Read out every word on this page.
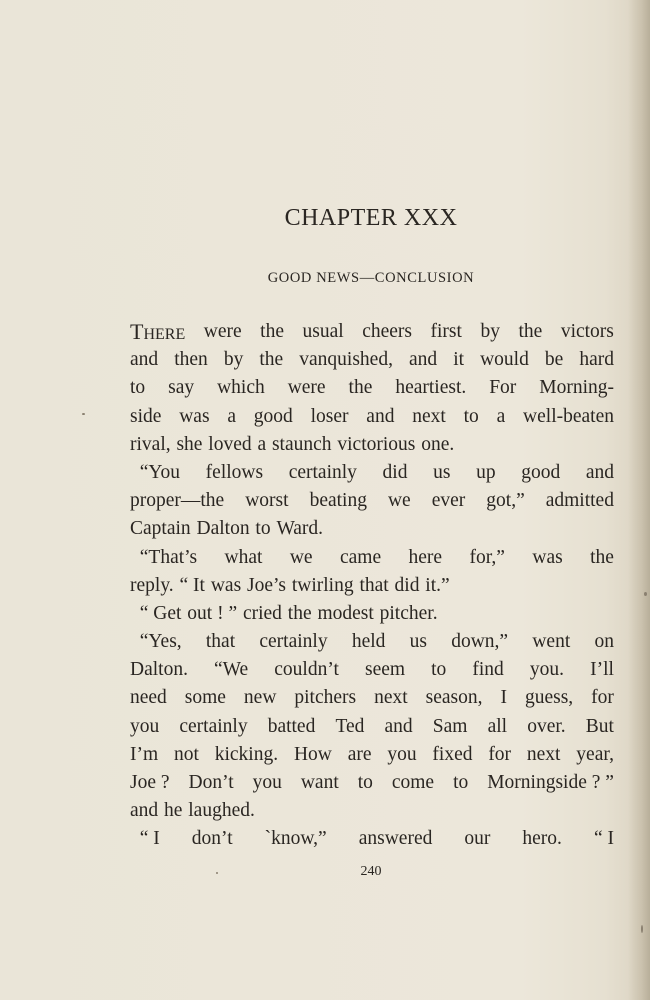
CHAPTER XXX
GOOD NEWS—CONCLUSION
THERE were the usual cheers first by the victors
and then by the vanquished, and it would be hard
to say which were the heartiest. For Morning-
side was a good loser and next to a well-beaten
rival, she loved a staunch victorious one.
“You fellows certainly did us up good and
proper—the worst beating we ever got,” admitted
Captain Dalton to Ward.
“That’s what we came here for,” was the
reply. “ It was Joe’s twirling that did it.”
“ Get out ! ” cried the modest pitcher.
“Yes, that certainly held us down,” went on
Dalton. “We couldn’t seem to find you. I’ll
need some new pitchers next season, I guess, for
you certainly batted Ted and Sam all over. But
I’m not kicking. How are you fixed for next year,
Joe ? Don’t you want to come to Morningside ? ”
and he laughed.
“ I don’t ˋknow,” answered our hero. “ I
240
